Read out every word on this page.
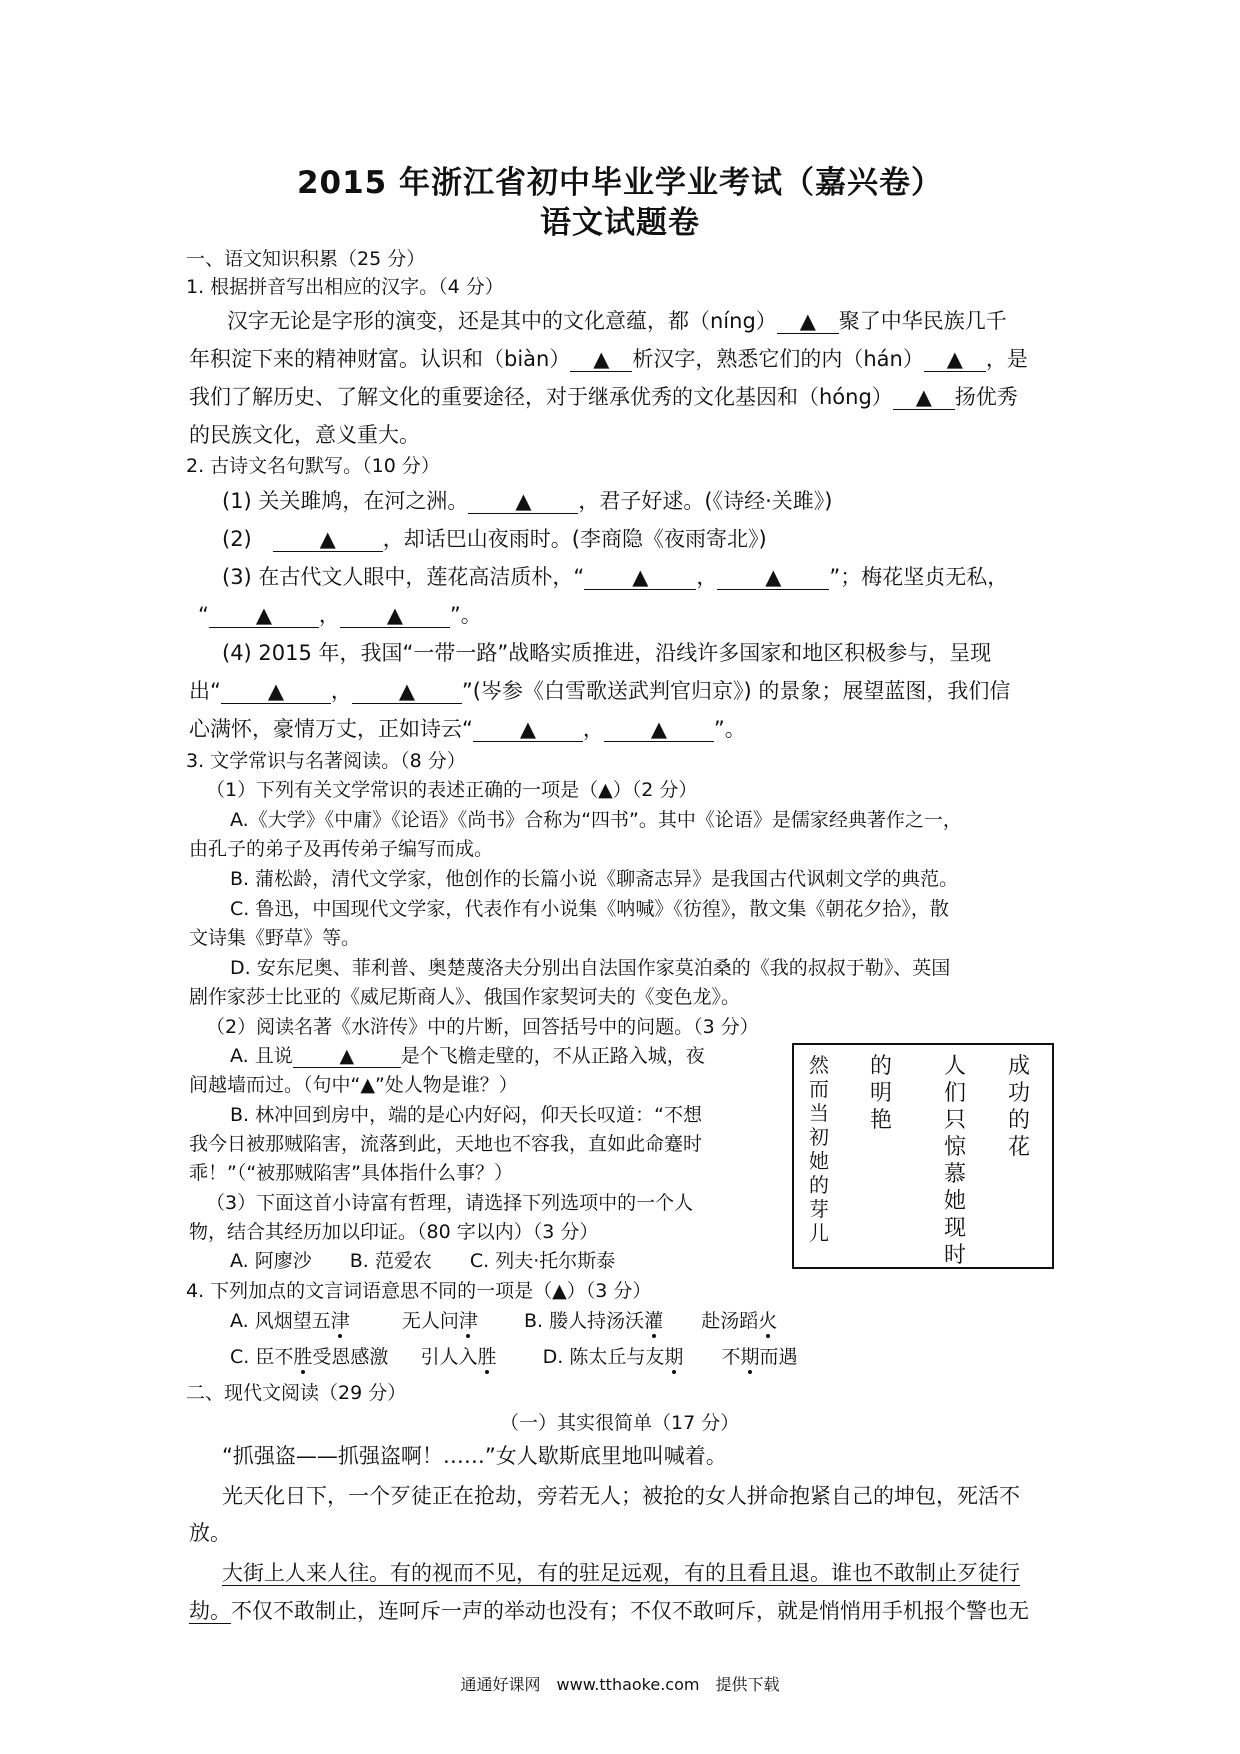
2015 年浙江省初中毕业学业考试（嘉兴卷）
语文试题卷
一、语文知识积累（25 分）
1. 根据拼音写出相应的汉字。（4 分）
汉字无论是字形的演变，还是其中的文化意蕴，都（níng） ▲ 聚了中华民族几千
年积淀下来的精神财富。认识和（biàn） ▲ 析汉字，熟悉它们的内（hán） ▲ ，是
我们了解历史、了解文化的重要途径，对于继承优秀的文化基因和（hóng） ▲ 扬优秀
的民族文化，意义重大。
2. 古诗文名句默写。（10 分）
(1) 关关雎鸠，在河之洲。 ▲ ，君子好逑。(《诗经·关雎》)
(2)　	▲ ，却话巴山夜雨时。(李商隐《夜雨寄北》)
(3) 在古代文人眼中，莲花高洁质朴，“ ▲ ， ▲ ”；梅花坚贞无私，
“ ▲ ， ▲ ”。
(4) 2015 年，我国“一带一路”战略实质推进，沿线许多国家和地区积极参与，呈现
出“ ▲ ， ▲ ”(岑参《白雪歌送武判官归京》) 的景象；展望蓝图，我们信
心满怀，豪情万丈，正如诗云“ ▲ ， ▲ ”。
3. 文学常识与名著阅读。（8 分）
（1）下列有关文学常识的表述正确的一项是（▲）（2 分）
A.《大学》《中庸》《论语》《尚书》合称为“四书”。其中《论语》是儒家经典著作之一，
由孔子的弟子及再传弟子编写而成。
B. 蒲松龄，清代文学家，他创作的长篇小说《聊斋志异》是我国古代讽刺文学的典范。
C. 鲁迅，中国现代文学家，代表作有小说集《呐喊》《彷徨》，散文集《朝花夕拾》，散
文诗集《野草》等。
D. 安东尼奥、菲利普、奥楚蔑洛夫分别出自法国作家莫泊桑的《我的叔叔于勒》、英国
剧作家莎士比亚的《威尼斯商人》、俄国作家契诃夫的《变色龙》。
（2）阅读名著《水浒传》中的片断，回答括号中的问题。（3 分）
A. 且说 ▲ 是个飞檐走壁的，不从正路入城，夜
间越墙而过。（句中“▲”处人物是谁？）
B. 林冲回到房中，端的是心内好闷，仰天长叹道：“不想
我今日被那贼陷害，流落到此，天地也不容我，直如此命蹇时
乖！”（“被那贼陷害”具体指什么事？）
（3）下面这首小诗富有哲理，请选择下列选项中的一个人
物，结合其经历加以印证。（80 字以内）（3 分）
A. 阿廖沙　　B. 范爱农　　C. 列夫·托尔斯泰
成功的花
人们只惊慕她现时
的明艳
然而当初她的芽儿
4. 下列加点的文言词语意思不同的一项是（▲）（3 分）
A. 风烟望五津	无人问津 B. 媵人持汤沃灌 赴汤蹈火
C. 臣不胜受恩感激 引人入胜 D. 陈太丘与友期 不期而遇
二、现代文阅读（29 分）
（一）其实很简单（17 分）
“抓强盗——抓强盗啊！……”女人歇斯底里地叫喊着。
光天化日下，一个歹徒正在抢劫，旁若无人；被抢的女人拼命抱紧自己的坤包，死活不
放。
大街上人来人往。有的视而不见，有的驻足远观，有的且看且退。谁也不敢制止歹徒行
劫。不仅不敢制止，连呵斥一声的举动也没有；不仅不敢呵斥，就是悄悄用手机报个警也无
通通好课网　www.tthaoke.com　提供下载
